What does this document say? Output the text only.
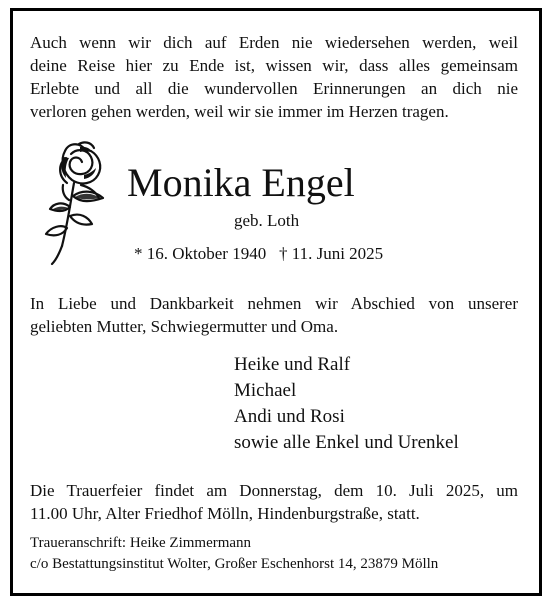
Auch wenn wir dich auf Erden nie wiedersehen werden, weil
deine Reise hier zu Ende ist, wissen wir, dass alles gemeinsam
Erlebte und all die wundervollen Erinnerungen an dich nie
verloren gehen werden, weil wir sie immer im Herzen tragen.
Monika Engel
geb. Loth
* 16. Oktober 1940 † 11. Juni 2025
In Liebe und Dankbarkeit nehmen wir Abschied von unserer
geliebten Mutter, Schwiegermutter und Oma.
Heike und Ralf
Michael
Andi und Rosi
sowie alle Enkel und Urenkel
Die Trauerfeier findet am Donnerstag, dem 10. Juli 2025, um
11.00 Uhr, Alter Friedhof Mölln, Hindenburgstraße, statt.
Traueranschrift: Heike Zimmermann
c/o Bestattungsinstitut Wolter, Großer Eschenhorst 14, 23879 Mölln
